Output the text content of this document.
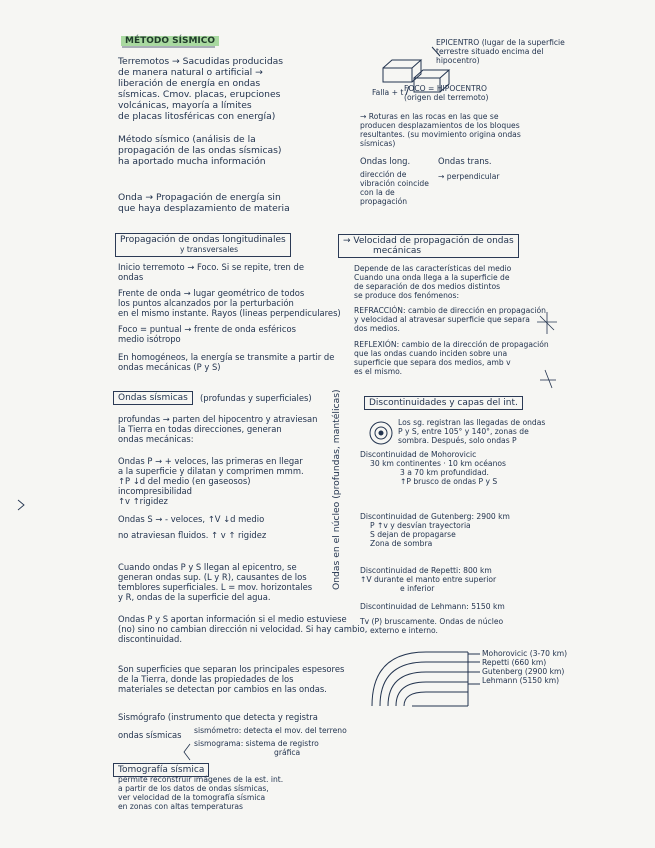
MÉTODO SÍSMICO
Terremotos → Sacudidas producidas
de manera natural o artificial →
liberación de energía en ondas
sísmicas. Cmov. placas, erupciones
volcánicas, mayoría a límites
de placas litosféricas con energía)
Método sísmico (análisis de la
propagación de las ondas sísmicas)
ha aportado mucha información
Onda → Propagación de energía sin
que haya desplazamiento de materia
Propagación de ondas longitudinales
y transversales
Inicio terremoto → Foco. Si se repite, tren de
ondas
Frente de onda → lugar geométrico de todos
los puntos alcanzados por la perturbación
en el mismo instante. Rayos (lineas perpendiculares)
Foco = puntual → frente de onda esféricos
medio isótropo
En homogéneos, la energía se transmite a partir de
ondas mecánicas (P y S)
Ondas sísmicas	(profundas y superficiales)
profundas → parten del hipocentro y atraviesan
la Tierra en todas direcciones, generan
ondas mecánicas:
Ondas P → + veloces, las primeras en llegar
a la superficie y dilatan y comprimen mmm.
↑P ↓d del medio (en gaseosos)
incompresibilidad
↑v ↑rigidez
Ondas S → - veloces, ↑V ↓d medio
no atraviesan fluidos. ↑ v ↑ rigidez
Cuando ondas P y S llegan al epicentro, se
generan ondas sup. (L y R), causantes de los
temblores superficiales. L = mov. horizontales
y R, ondas de la superficie del agua.
Ondas P y S aportan información si el medio estuviese
(no) sino no cambian dirección ni velocidad. Si hay cambio,
discontinuidad.
Son superficies que separan los principales espesores
de la Tierra, donde las propiedades de los
materiales se detectan por cambios en las ondas.
Sismógrafo (instrumento que detecta y registra
ondas sísmicas	sismómetro: detecta el mov. del terreno
sismograma: sistema de registro
gráfica
Tomografía sísmica
permite reconstruir imágenes de la est. int.
a partir de los datos de ondas sísmicas,
ver velocidad de la tomografía sísmica
en zonas con altas temperaturas
Ondas en el núcleo (profundas, mantélicas)
EPICENTRO (lugar de la superficie terrestre situado encima del hipocentro)
FOCO = HIPOCENTRO (origen del terremoto)
Falla + t
→ Roturas en las rocas en las que se
producen desplazamientos de los bloques
resultantes. (su movimiento origina ondas
sísmicas)
Ondas long.
dirección de
vibración coincide
con la de
propagación
Ondas trans.
→ perpendicular
→ Velocidad de propagación de ondas
mecánicas
Depende de las características del medio
Cuando una onda llega a la superficie de
de separación de dos medios distintos
se produce dos fenómenos:
REFRACCIÓN: cambio de dirección en propagación
y velocidad al atravesar superficie que separa
dos medios.
REFLEXIÓN: cambio de la dirección de propagación
que las ondas cuando inciden sobre una
superficie que separa dos medios, amb v
es el mismo.
Discontinuidades y capas del int.
Los sg. registran las llegadas de ondas
P y S, entre 105° y 140°, zonas de
sombra. Después, solo ondas P
Discontinuidad de Mohorovicic
30 km continentes · 10 km océanos
3 a 70 km profundidad.
↑P brusco de ondas P y S
Discontinuidad de Gutenberg: 2900 km
P ↑v y desvían trayectoria
S dejan de propagarse
Zona de sombra
Discontinuidad de Repetti: 800 km
↑V durante el manto entre superior
e inferior
Discontinuidad de Lehmann: 5150 km
Tv (P) bruscamente. Ondas de núcleo
externo e interno.
Mohorovicic (3-70 km)
Repetti (660 km)
Gutenberg (2900 km)
Lehmann (5150 km)
